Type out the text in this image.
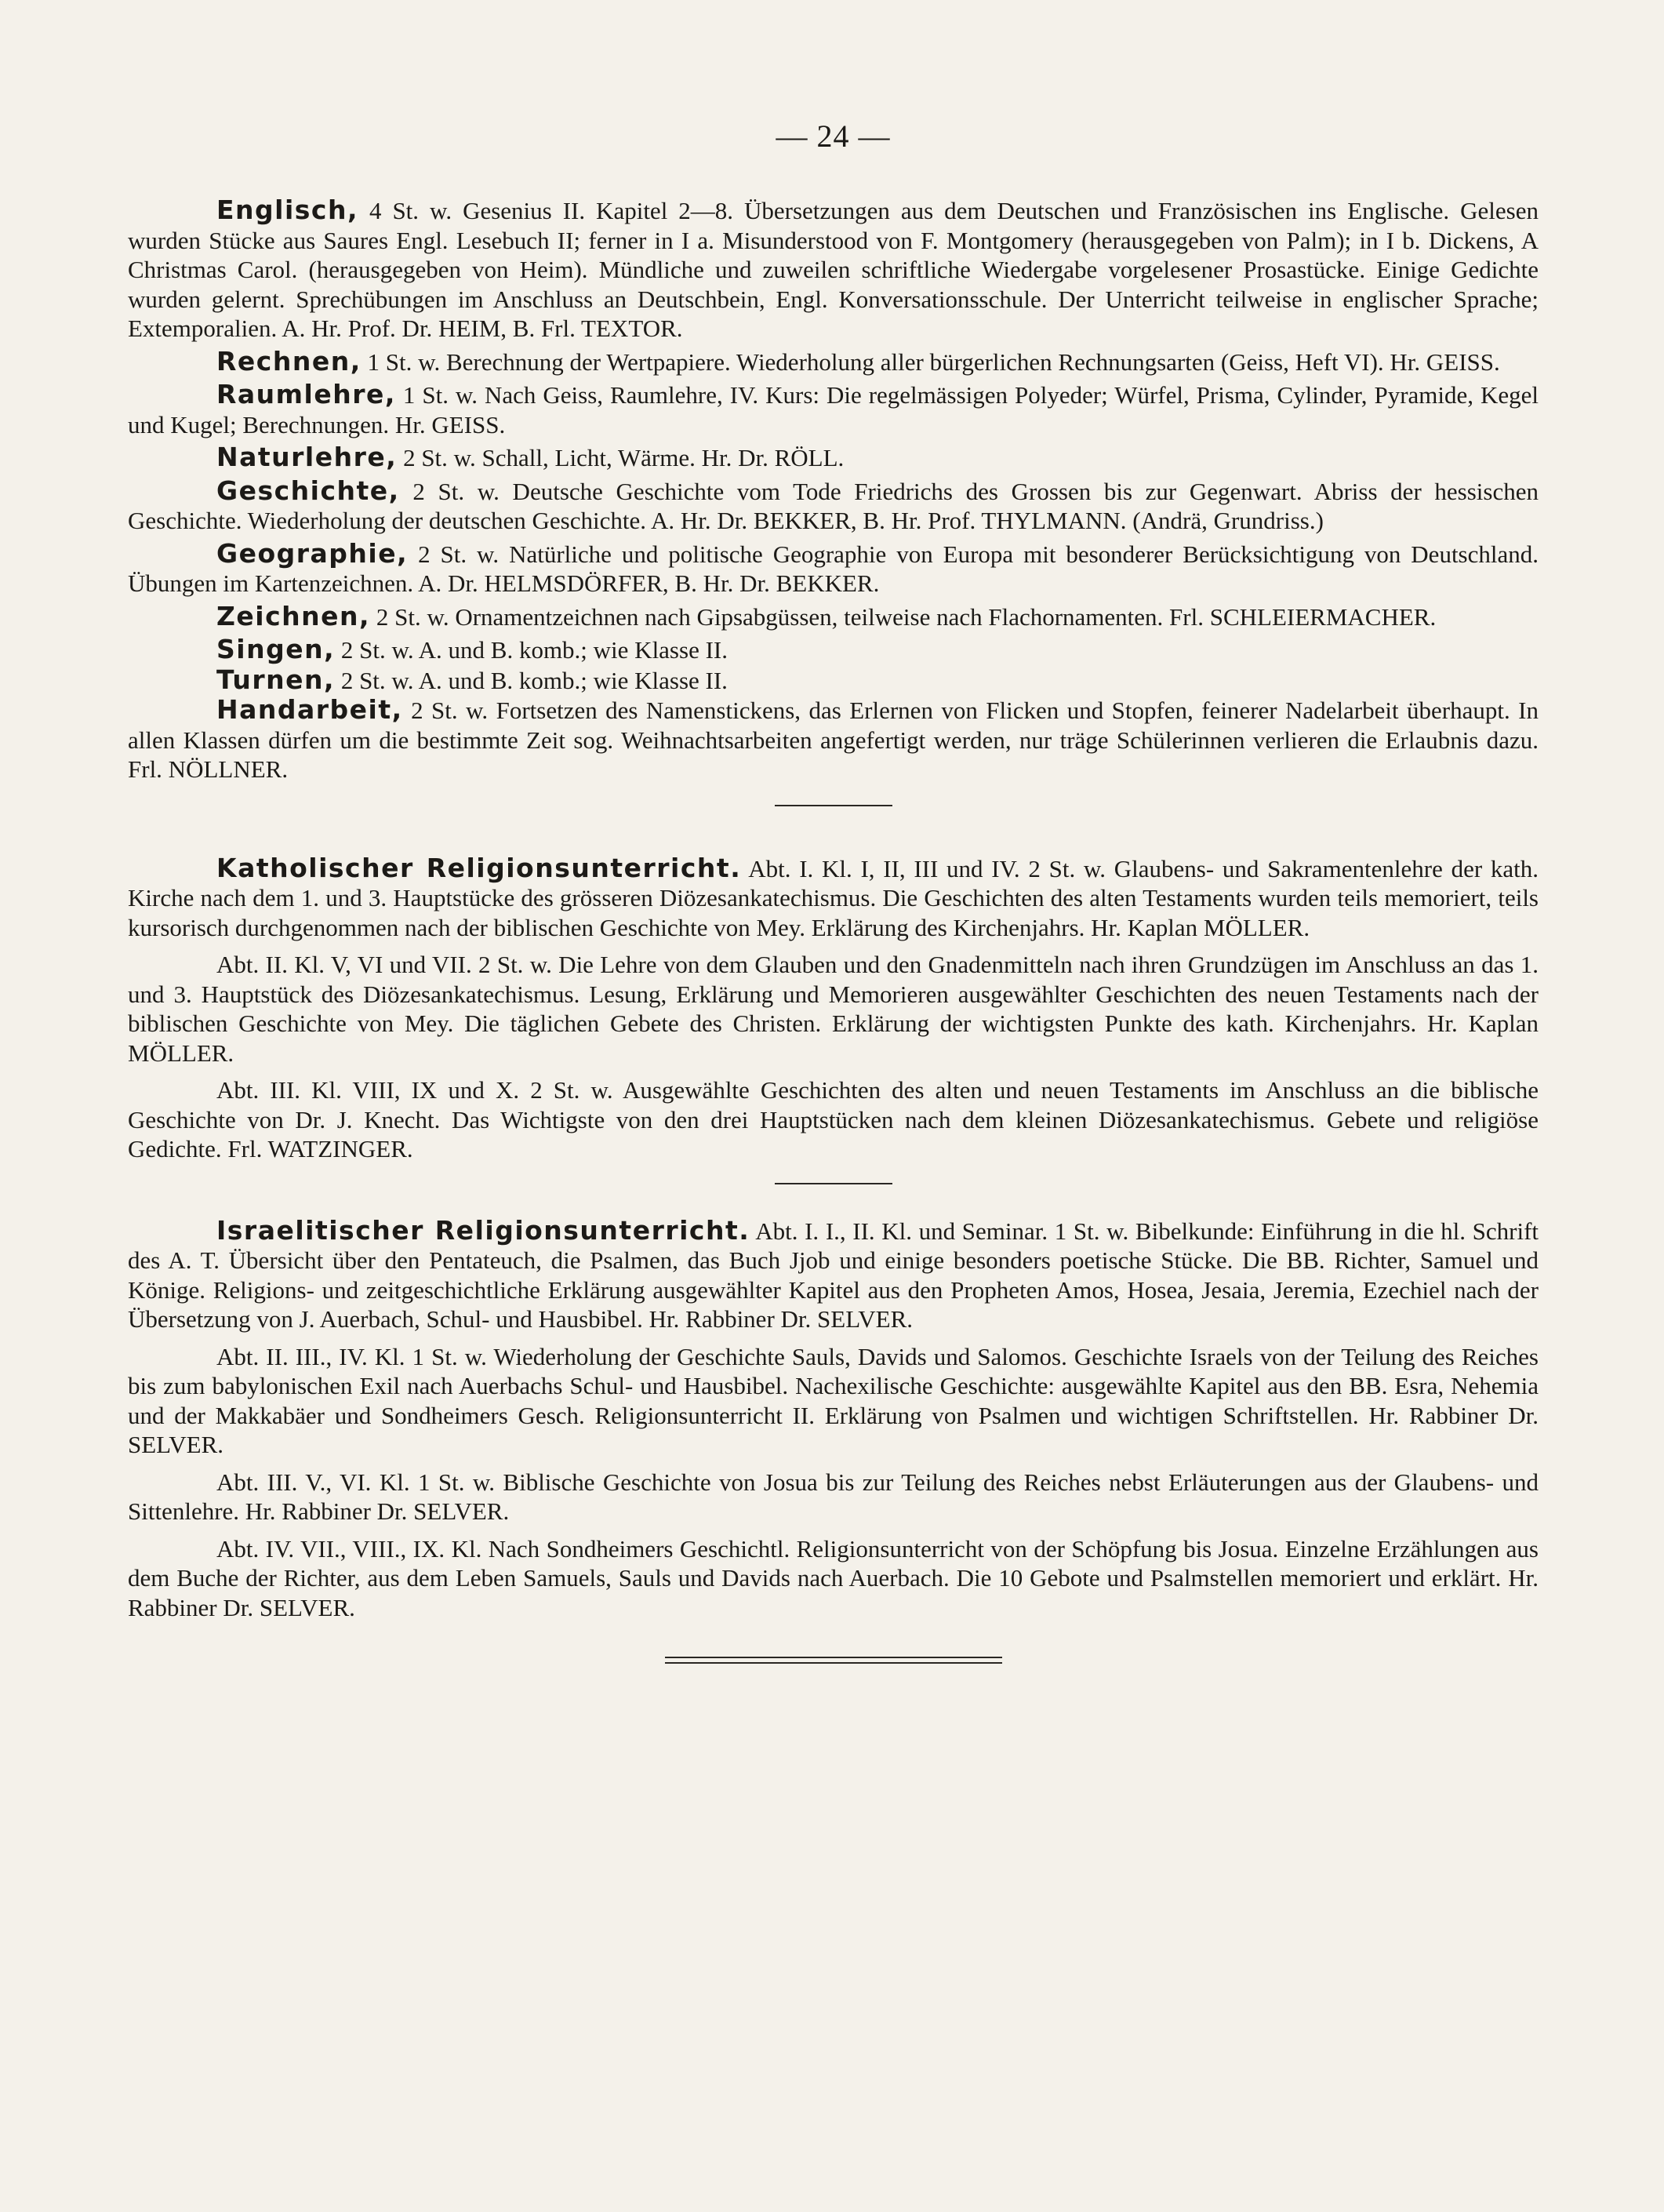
— 24 —

Englisch, 4 St. w. Gesenius II. Kapitel 2—8. Übersetzungen aus dem Deutschen und Französischen ins Englische. Gelesen wurden Stücke aus Saures Engl. Lesebuch II; ferner in I a. Misunderstood von F. Montgomery (herausgegeben von Palm); in I b. Dickens, A Christmas Carol. (herausgegeben von Heim). Mündliche und zuweilen schriftliche Wiedergabe vorgelesener Prosastücke. Einige Gedichte wurden gelernt. Sprechübungen im Anschluss an Deutschbein, Engl. Konversationsschule. Der Unterricht teilweise in englischer Sprache; Extemporalien. A. Hr. Prof. Dr. HEIM, B. Frl. TEXTOR.

Rechnen, 1 St. w. Berechnung der Wertpapiere. Wiederholung aller bürgerlichen Rechnungsarten (Geiss, Heft VI). Hr. GEISS.

Raumlehre, 1 St. w. Nach Geiss, Raumlehre, IV. Kurs: Die regelmässigen Polyeder; Würfel, Prisma, Cylinder, Pyramide, Kegel und Kugel; Berechnungen. Hr. GEISS.

Naturlehre, 2 St. w. Schall, Licht, Wärme. Hr. Dr. RÖLL.

Geschichte, 2 St. w. Deutsche Geschichte vom Tode Friedrichs des Grossen bis zur Gegenwart. Abriss der hessischen Geschichte. Wiederholung der deutschen Geschichte. A. Hr. Dr. BEKKER, B. Hr. Prof. THYLMANN. (Andrä, Grundriss.)

Geographie, 2 St. w. Natürliche und politische Geographie von Europa mit besonderer Berücksichtigung von Deutschland. Übungen im Kartenzeichnen. A. Dr. HELMSDÖRFER, B. Hr. Dr. BEKKER.

Zeichnen, 2 St. w. Ornamentzeichnen nach Gipsabgüssen, teilweise nach Flachornamenten. Frl. SCHLEIERMACHER.

Singen, 2 St. w. A. und B. komb.; wie Klasse II.

Turnen, 2 St. w. A. und B. komb.; wie Klasse II.

Handarbeit, 2 St. w. Fortsetzen des Namenstickens, das Erlernen von Flicken und Stopfen, feinerer Nadelarbeit überhaupt. In allen Klassen dürfen um die bestimmte Zeit sog. Weihnachtsarbeiten angefertigt werden, nur träge Schülerinnen verlieren die Erlaubnis dazu. Frl. NÖLLNER.

Katholischer Religionsunterricht. Abt. I. Kl. I, II, III und IV. 2 St. w. Glaubens- und Sakramentenlehre der kath. Kirche nach dem 1. und 3. Hauptstücke des grösseren Diözesankatechismus. Die Geschichten des alten Testaments wurden teils memoriert, teils kursorisch durchgenommen nach der biblischen Geschichte von Mey. Erklärung des Kirchenjahrs. Hr. Kaplan MÖLLER.

Abt. II. Kl. V, VI und VII. 2 St. w. Die Lehre von dem Glauben und den Gnadenmitteln nach ihren Grundzügen im Anschluss an das 1. und 3. Hauptstück des Diözesankatechismus. Lesung, Erklärung und Memorieren ausgewählter Geschichten des neuen Testaments nach der biblischen Geschichte von Mey. Die täglichen Gebete des Christen. Erklärung der wichtigsten Punkte des kath. Kirchenjahrs. Hr. Kaplan MÖLLER.

Abt. III. Kl. VIII, IX und X. 2 St. w. Ausgewählte Geschichten des alten und neuen Testaments im Anschluss an die biblische Geschichte von Dr. J. Knecht. Das Wichtigste von den drei Hauptstücken nach dem kleinen Diözesankatechismus. Gebete und religiöse Gedichte. Frl. WATZINGER.

Israelitischer Religionsunterricht. Abt. I. I., II. Kl. und Seminar. 1 St. w. Bibelkunde: Einführung in die hl. Schrift des A. T. Übersicht über den Pentateuch, die Psalmen, das Buch Jjob und einige besonders poetische Stücke. Die BB. Richter, Samuel und Könige. Religions- und zeitgeschichtliche Erklärung ausgewählter Kapitel aus den Propheten Amos, Hosea, Jesaia, Jeremia, Ezechiel nach der Übersetzung von J. Auerbach, Schul- und Hausbibel. Hr. Rabbiner Dr. SELVER.

Abt. II. III., IV. Kl. 1 St. w. Wiederholung der Geschichte Sauls, Davids und Salomos. Geschichte Israels von der Teilung des Reiches bis zum babylonischen Exil nach Auerbachs Schul- und Hausbibel. Nachexilische Geschichte: ausgewählte Kapitel aus den BB. Esra, Nehemia und der Makkabäer und Sondheimers Gesch. Religionsunterricht II. Erklärung von Psalmen und wichtigen Schriftstellen. Hr. Rabbiner Dr. SELVER.

Abt. III. V., VI. Kl. 1 St. w. Biblische Geschichte von Josua bis zur Teilung des Reiches nebst Erläuterungen aus der Glaubens- und Sittenlehre. Hr. Rabbiner Dr. SELVER.

Abt. IV. VII., VIII., IX. Kl. Nach Sondheimers Geschichtl. Religionsunterricht von der Schöpfung bis Josua. Einzelne Erzählungen aus dem Buche der Richter, aus dem Leben Samuels, Sauls und Davids nach Auerbach. Die 10 Gebote und Psalmstellen memoriert und erklärt. Hr. Rabbiner Dr. SELVER.
